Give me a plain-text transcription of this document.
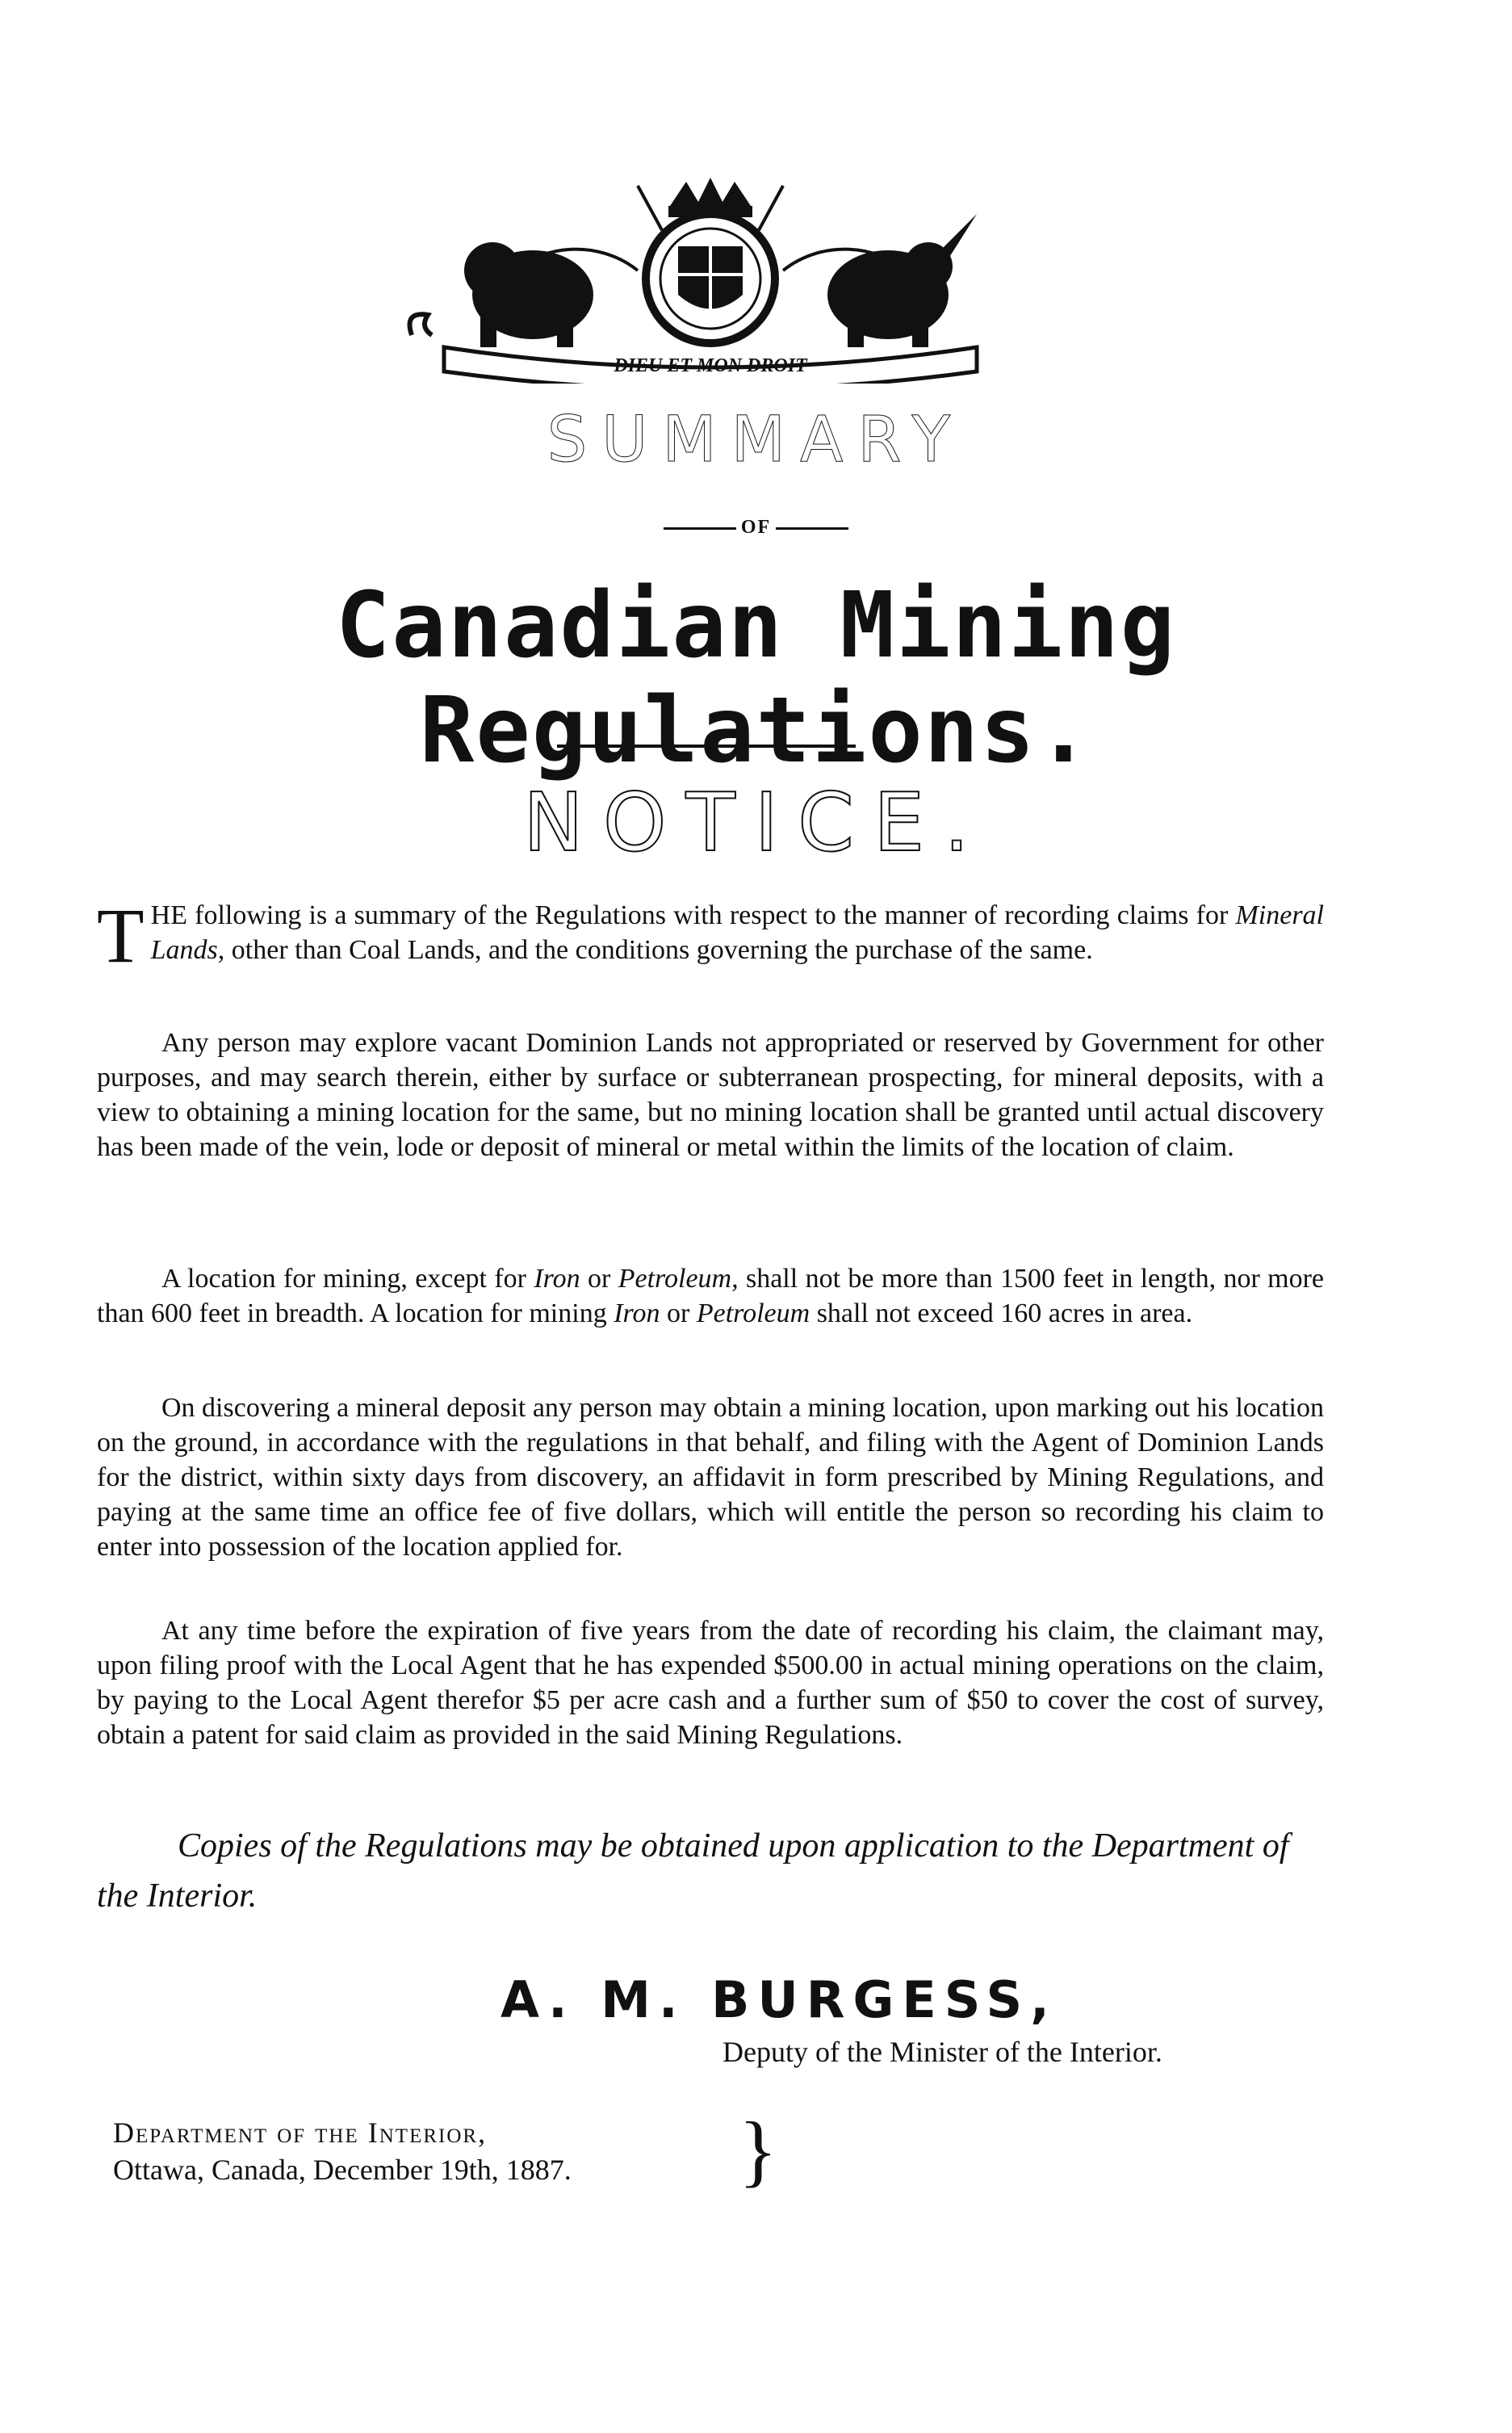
DIEU ET MON DROIT
SUMMARY
OF
Canadian Mining Regulations.
NOTICE.
THE following is a summary of the Regulations with respect to the manner of recording claims for Mineral Lands, other than Coal Lands, and the conditions governing the purchase of the same.
Any person may explore vacant Dominion Lands not appropriated or reserved by Government for other purposes, and may search therein, either by surface or subterranean prospecting, for mineral deposits, with a view to obtaining a mining location for the same, but no mining location shall be granted until actual discovery has been made of the vein, lode or deposit of mineral or metal within the limits of the location of claim.
A location for mining, except for Iron or Petroleum, shall not be more than 1500 feet in length, nor more than 600 feet in breadth. A location for mining Iron or Petroleum shall not exceed 160 acres in area.
On discovering a mineral deposit any person may obtain a mining location, upon marking out his location on the ground, in accordance with the regulations in that behalf, and filing with the Agent of Dominion Lands for the district, within sixty days from discovery, an affidavit in form prescribed by Mining Regulations, and paying at the same time an office fee of five dollars, which will entitle the person so recording his claim to enter into possession of the location applied for.
At any time before the expiration of five years from the date of recording his claim, the claimant may, upon filing proof with the Local Agent that he has expended $500.00 in actual mining operations on the claim, by paying to the Local Agent therefor $5 per acre cash and a further sum of $50 to cover the cost of survey, obtain a patent for said claim as provided in the said Mining Regulations.
Copies of the Regulations may be obtained upon application to the Department of the Interior.
A. M. BURGESS,
Deputy of the Minister of the Interior.
Department of the Interior,
Ottawa, Canada, December 19th, 1887. }
